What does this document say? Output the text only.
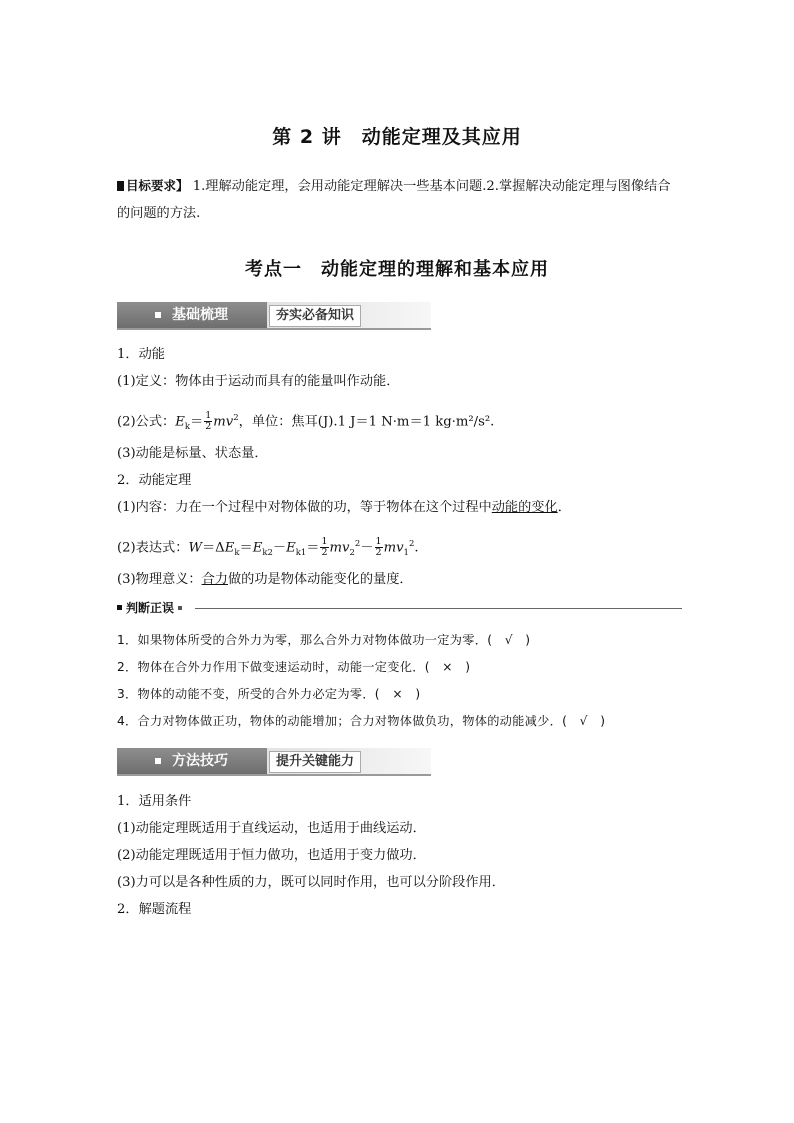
第 2 讲　动能定理及其应用
目标要求】 1.理解动能定理，会用动能定理解决一些基本问题.2.掌握解决动能定理与图像结合的问题的方法.
考点一　动能定理的理解和基本应用
基础梳理	夯实必备知识
1．动能
(1)定义：物体由于运动而具有的能量叫作动能．
(2)公式：$E_k= \frac{1}{2} mv^2$，单位：焦耳(J).1 J＝1 N·m＝1 kg·m²/s².
(3)动能是标量、状态量．
2．动能定理
(1)内容：力在一个过程中对物体做的功，等于物体在这个过程中动能的变化．
(2)表达式：$W=\Delta E_k=E_{k2}-E_{k1}= \frac{1}{2} mv_2^2- \frac{1}{2} mv_1^2$.
(3)物理意义：合力做的功是物体动能变化的量度．
判断正误
1．如果物体所受的合外力为零，那么合外力对物体做功一定为零．(　√　)
2．物体在合外力作用下做变速运动时，动能一定变化．(　×　)
3．物体的动能不变，所受的合外力必定为零．(　×　)
4．合力对物体做正功，物体的动能增加；合力对物体做负功，物体的动能减少．(　√　)
方法技巧	提升关键能力
1．适用条件
(1)动能定理既适用于直线运动，也适用于曲线运动．
(2)动能定理既适用于恒力做功，也适用于变力做功．
(3)力可以是各种性质的力，既可以同时作用，也可以分阶段作用．
2．解题流程
